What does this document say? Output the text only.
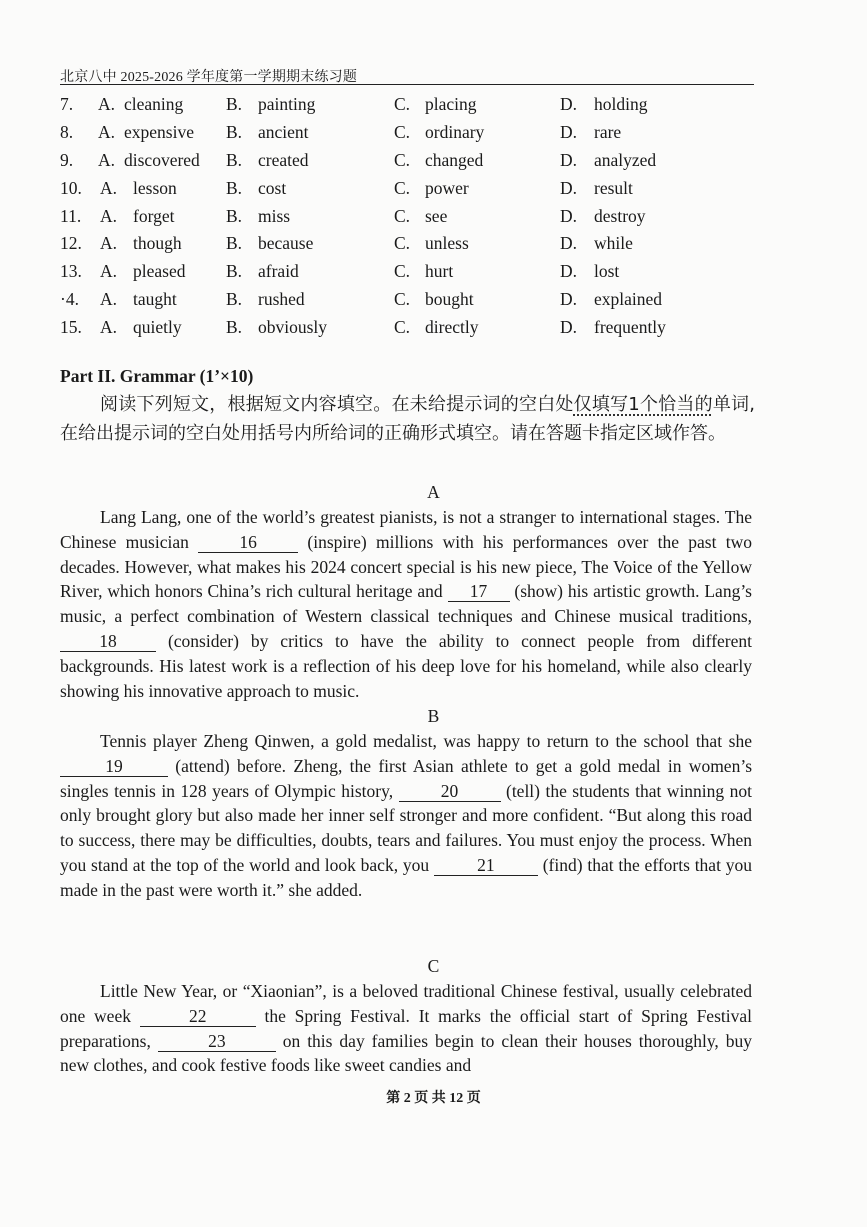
北京八中 2025-2026 学年度第一学期期末练习题
7. A. cleaning B. painting	C. placing	D. holding
8. A. expensive B. ancient	C. ordinary	D. rare
9. A. discovered B. created	C. changed	D. analyzed
10. A. lesson	B. cost	C. power	D. result
11. A. forget	B. miss	C. see	D. destroy
12. A. though	B. because	C. unless	D. while
13. A. pleased B. afraid	C. hurt	D. lost
·4. A. taught	B. rushed	C. bought	D. explained
15. A. quietly	B. obviously	C. directly	D. frequently
Part II. Grammar (1’×10)
阅读下列短文，根据短文内容填空。在未给提示词的空白处仅填写1个恰当的单词,在给出提示词的空白处用括号内所给词的正确形式填空。请在答题卡指定区域作答。
A
Lang Lang, one of the world’s greatest pianists, is not a stranger to international stages. The Chinese musician 16 (inspire) millions with his performances over the past two decades. However, what makes his 2024 concert special is his new piece, The Voice of the Yellow River, which honors China’s rich cultural heritage and 17 (show) his artistic growth. Lang’s music, a perfect combination of Western classical techniques and Chinese musical traditions, 18 (consider) by critics to have the ability to connect people from different backgrounds. His latest work is a reflection of his deep love for his homeland, while also clearly showing his innovative approach to music.
B
Tennis player Zheng Qinwen, a gold medalist, was happy to return to the school that she 19	(attend) before. Zheng, the first Asian athlete to get a gold medal in women’s singles tennis in 128 years of Olympic history, 20 (tell) the students that winning not only brought glory but also made her inner self stronger and more confident. “But along this road to success, there may be difficulties, doubts, tears and failures. You must enjoy the process. When you stand at the top of the world and look back, you 21 (find) that the efforts that you made in the past were worth it.” she added.
C
Little New Year, or “Xiaonian”, is a beloved traditional Chinese festival, usually celebrated one week	22	the Spring Festival. It marks the official start of Spring Festival preparations,	23	on this day families begin to clean their houses thoroughly, buy new clothes, and cook festive foods like sweet candies and
第 2 页 共 12 页
